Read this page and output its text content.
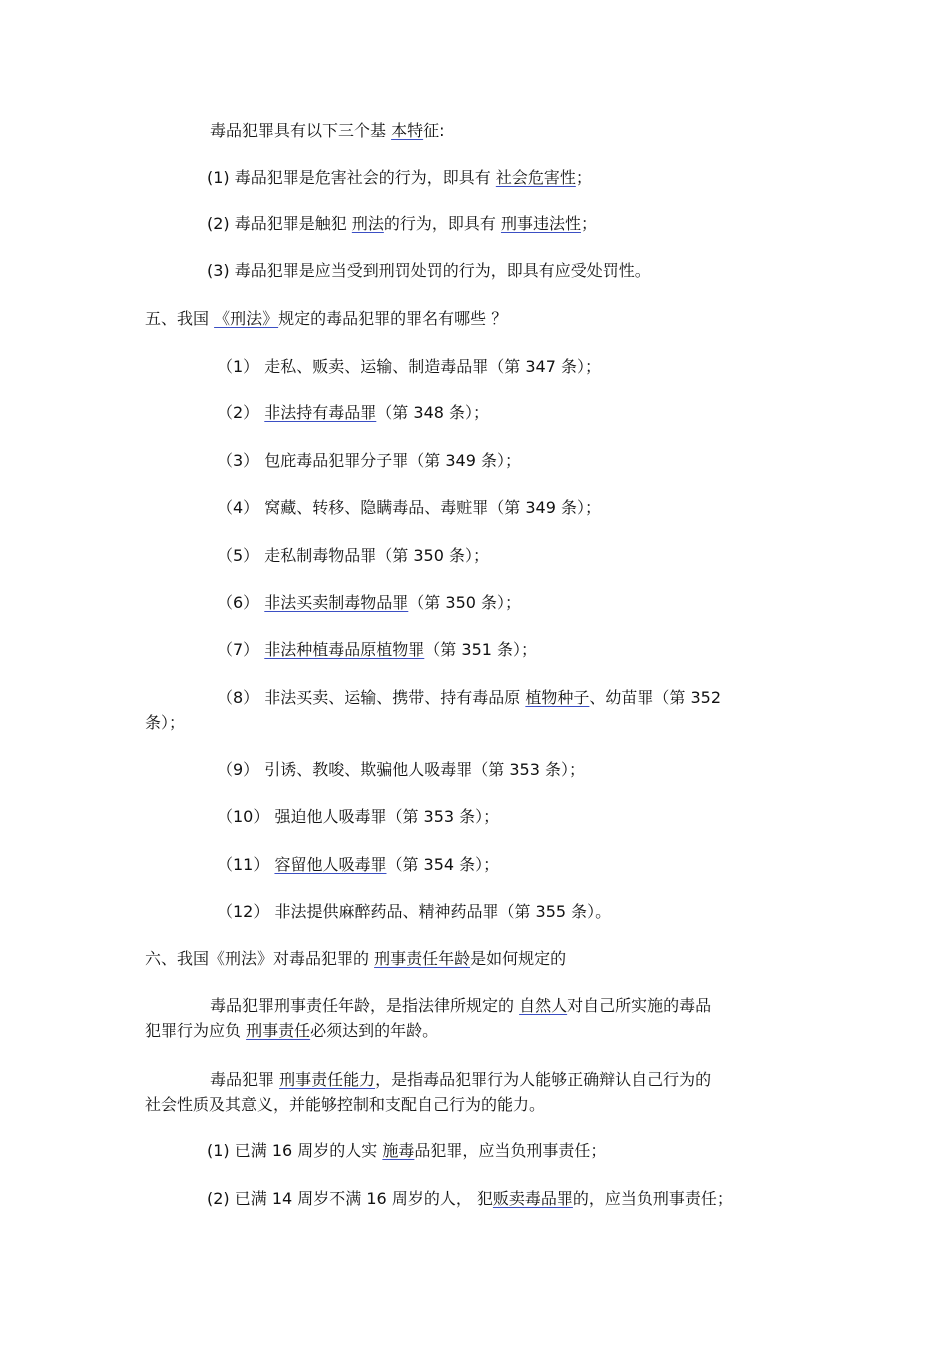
毒品犯罪具有以下三个基 本特征:
(1) 毒品犯罪是危害社会的行为，即具有 社会危害性；
(2) 毒品犯罪是触犯 刑法的行为，即具有 刑事违法性；
(3) 毒品犯罪是应当受到刑罚处罚的行为，即具有应受处罚性。
五、我国 《刑法》规定的毒品犯罪的罪名有哪些 ？
（1） 走私、贩卖、运输、制造毒品罪（第 347 条）；
（2） 非法持有毒品罪（第 348 条）；
（3） 包庇毒品犯罪分子罪（第 349 条）；
（4） 窝藏、转移、隐瞒毒品、毒赃罪（第 349 条）；
（5） 走私制毒物品罪（第 350 条）；
（6） 非法买卖制毒物品罪（第 350 条）；
（7） 非法种植毒品原植物罪（第 351 条）；
（8） 非法买卖、运输、携带、持有毒品原 植物种子、幼苗罪（第 352
条）；
（9） 引诱、教唆、欺骗他人吸毒罪（第 353 条）；
（10） 强迫他人吸毒罪（第 353 条）；
（11） 容留他人吸毒罪（第 354 条）；
（12） 非法提供麻醉药品、精神药品罪（第 355 条）。
六、我国《刑法》对毒品犯罪的 刑事责任年龄是如何规定的
毒品犯罪刑事责任年龄，是指法律所规定的 自然人对自己所实施的毒品
犯罪行为应负 刑事责任必须达到的年龄。
毒品犯罪 刑事责任能力，是指毒品犯罪行为人能够正确辩认自己行为的
社会性质及其意义，并能够控制和支配自己行为的能力。
(1) 已满 16 周岁的人实 施毒品犯罪，应当负刑事责任；
(2) 已满 14 周岁不满 16 周岁的人， 犯贩卖毒品罪的，应当负刑事责任；
